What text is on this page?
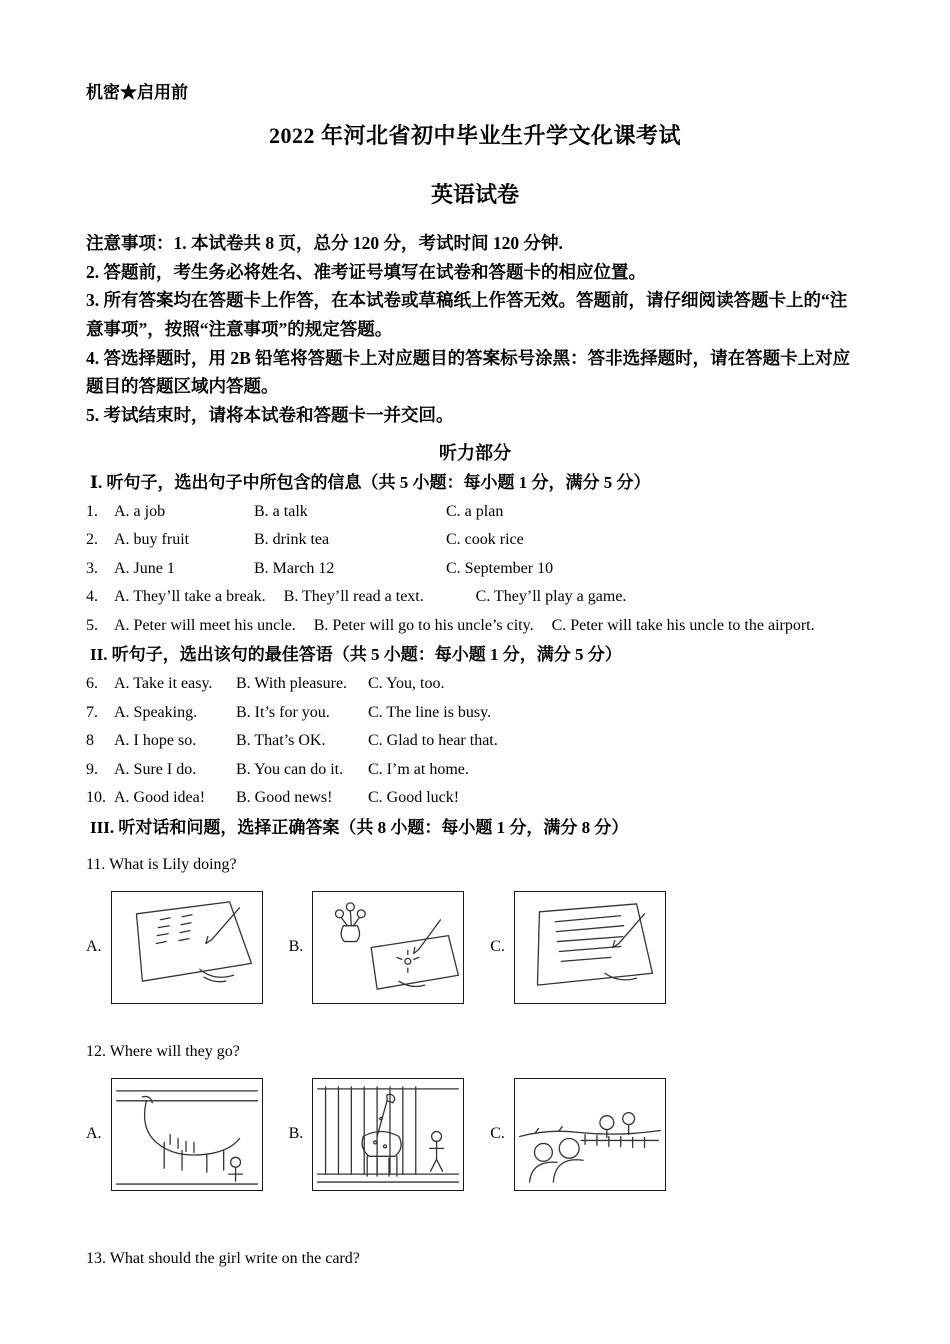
机密★启用前
2022 年河北省初中毕业生升学文化课考试
英语试卷
注意事项：1. 本试卷共 8 页，总分 120 分，考试时间 120 分钟.
2. 答题前，考生务必将姓名、准考证号填写在试卷和答题卡的相应位置。
3. 所有答案均在答题卡上作答，在本试卷或草稿纸上作答无效。答题前，请仔细阅读答题卡上的“注意事项”，按照“注意事项”的规定答题。
4. 答选择题时，用 2B 铅笔将答题卡上对应题目的答案标号涂黑：答非选择题时，请在答题卡上对应题目的答题区域内答题。
5. 考试结束时，请将本试卷和答题卡一并交回。
听力部分
Ⅰ. 听句子，选出句子中所包含的信息（共 5 小题：每小题 1 分，满分 5 分）
1. A. a job	B. a talk	C. a plan
2. A. buy fruit	B. drink tea	C. cook rice
3. A. June 1	B. March 12	C. September 10
4. A. They’ll take a break. B. They’ll read a text.	C. They’ll play a game.
5. A. Peter will meet his uncle. B. Peter will go to his uncle’s city. C. Peter will take his uncle to the airport.
II. 听句子，选出该句的最佳答语（共 5 小题：每小题 1 分，满分 5 分）
6. A. Take it easy. B. With pleasure. C. You, too.
7. A. Speaking. B. It’s for you. C. The line is busy.
8 A. I hope so. B. That’s OK.	C. Glad to hear that.
9. A. Sure I do. B. You can do it. C. I’m at home.
10. A. Good idea! B. Good news! C. Good luck!
III. 听对话和问题，选择正确答案（共 8 小题：每小题 1 分，满分 8 分）
11. What is Lily doing?
A.	B.	C.
12. Where will they go?
A.	B.	C.
13. What should the girl write on the card?
